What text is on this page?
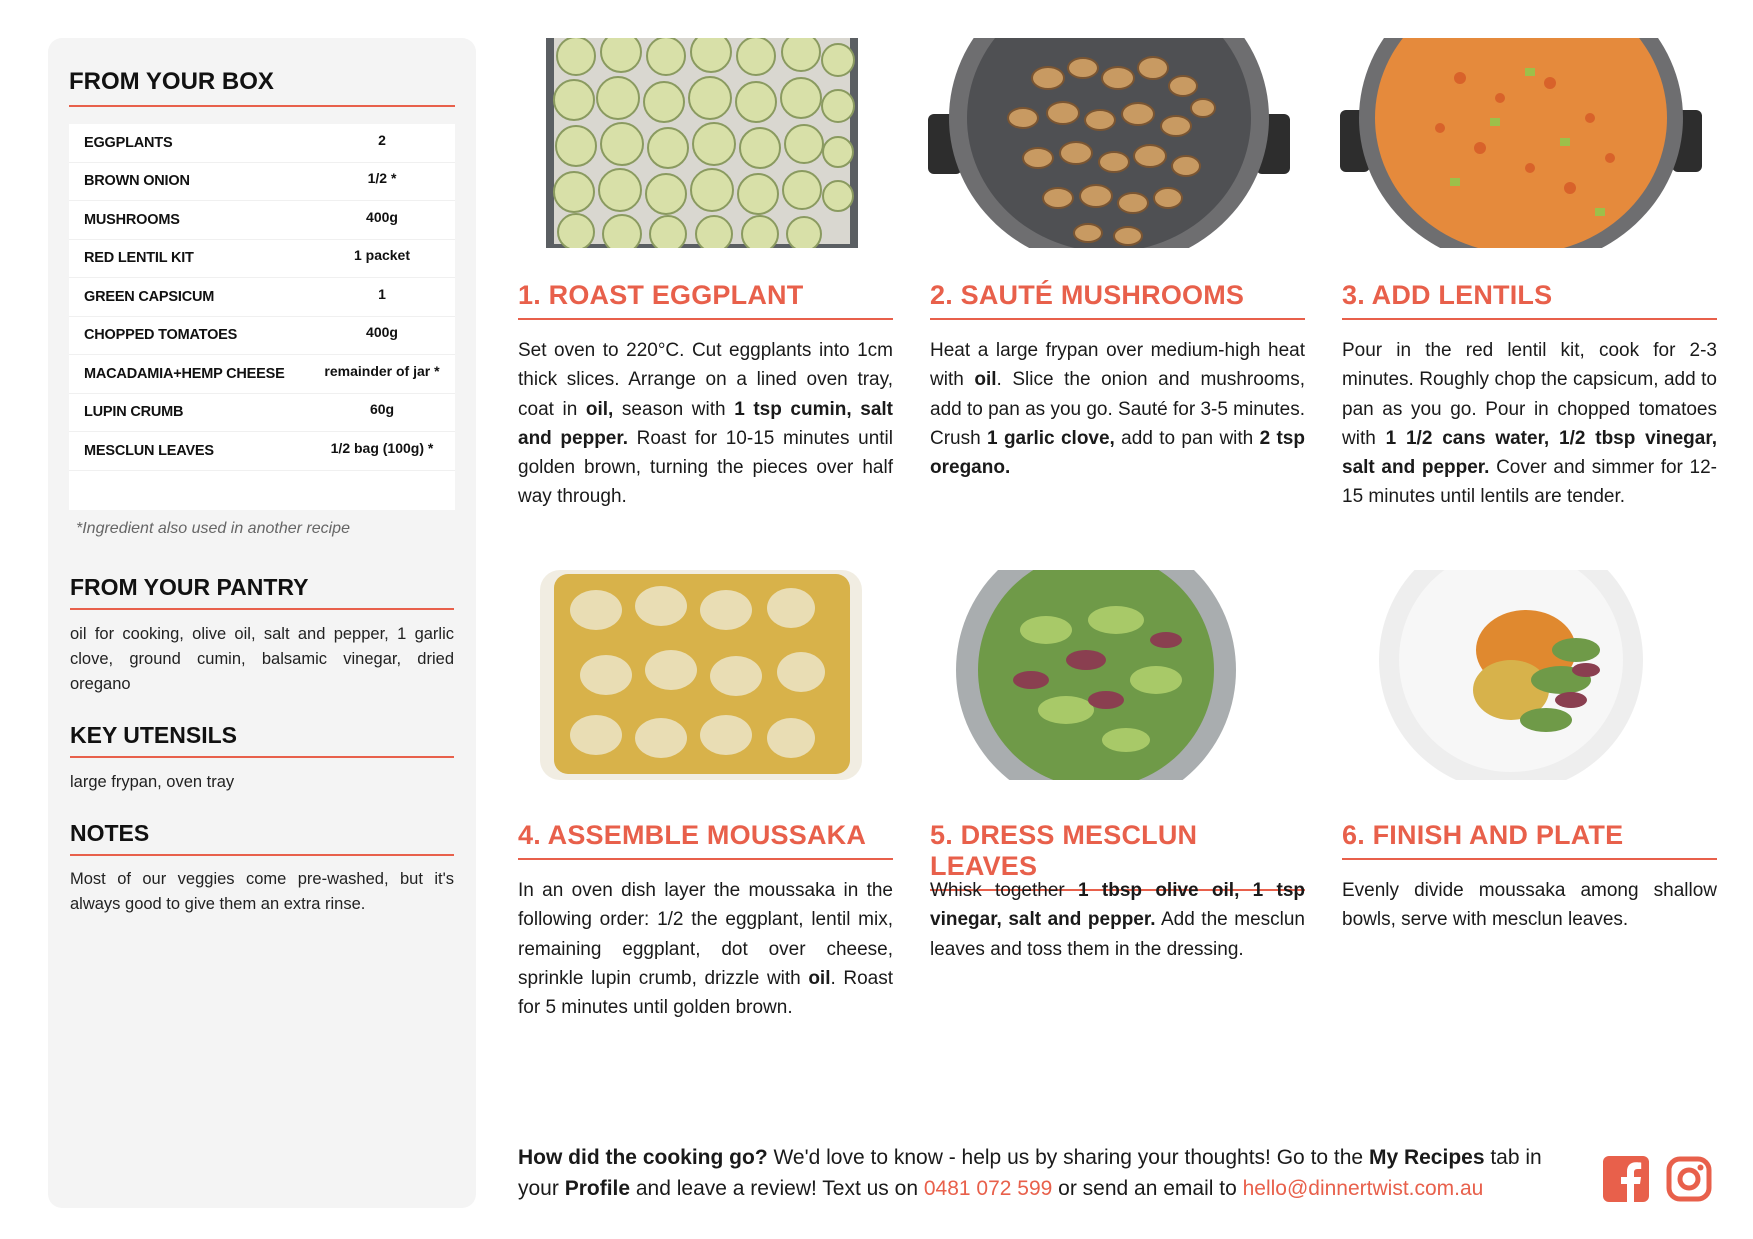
FROM YOUR BOX
EGGPLANTS	2
BROWN ONION	1/2 *
MUSHROOMS	400g
RED LENTIL KIT	1 packet
GREEN CAPSICUM	1
CHOPPED TOMATOES	400g
MACADAMIA+HEMP CHEESE	remainder of jar *
LUPIN CRUMB	60g
MESCLUN LEAVES	1/2 bag (100g) *
*Ingredient also used in another recipe
FROM YOUR PANTRY
oil for cooking, olive oil, salt and pepper, 1 garlic clove, ground cumin, balsamic vinegar, dried oregano
KEY UTENSILS
large frypan, oven tray
NOTES
Most of our veggies come pre-washed, but it's always good to give them an extra rinse.
1. ROAST EGGPLANT
Set oven to 220°C. Cut eggplants into 1cm thick slices. Arrange on a lined oven tray, coat in oil, season with 1 tsp cumin, salt and pepper. Roast for 10-15 minutes until golden brown, turning the pieces over half way through.
2. SAUTÉ MUSHROOMS
Heat a large frypan over medium-high heat with oil. Slice the onion and mushrooms, add to pan as you go. Sauté for 3-5 minutes. Crush 1 garlic clove, add to pan with 2 tsp oregano.
3. ADD LENTILS
Pour in the red lentil kit, cook for 2-3 minutes. Roughly chop the capsicum, add to pan as you go. Pour in chopped tomatoes with 1 1/2 cans water, 1/2 tbsp vinegar, salt and pepper. Cover and simmer for 12-15 minutes until lentils are tender.
4. ASSEMBLE MOUSSAKA
In an oven dish layer the moussaka in the following order: 1/2 the eggplant, lentil mix, remaining eggplant, dot over cheese, sprinkle lupin crumb, drizzle with oil. Roast for 5 minutes until golden brown.
5. DRESS MESCLUN LEAVES
Whisk together 1 tbsp olive oil, 1 tsp vinegar, salt and pepper. Add the mesclun leaves and toss them in the dressing.
6. FINISH AND PLATE
Evenly divide moussaka among shallow bowls, serve with mesclun leaves.
How did the cooking go? We'd love to know - help us by sharing your thoughts! Go to the My Recipes tab in your Profile and leave a review! Text us on 0481 072 599 or send an email to hello@dinnertwist.com.au
